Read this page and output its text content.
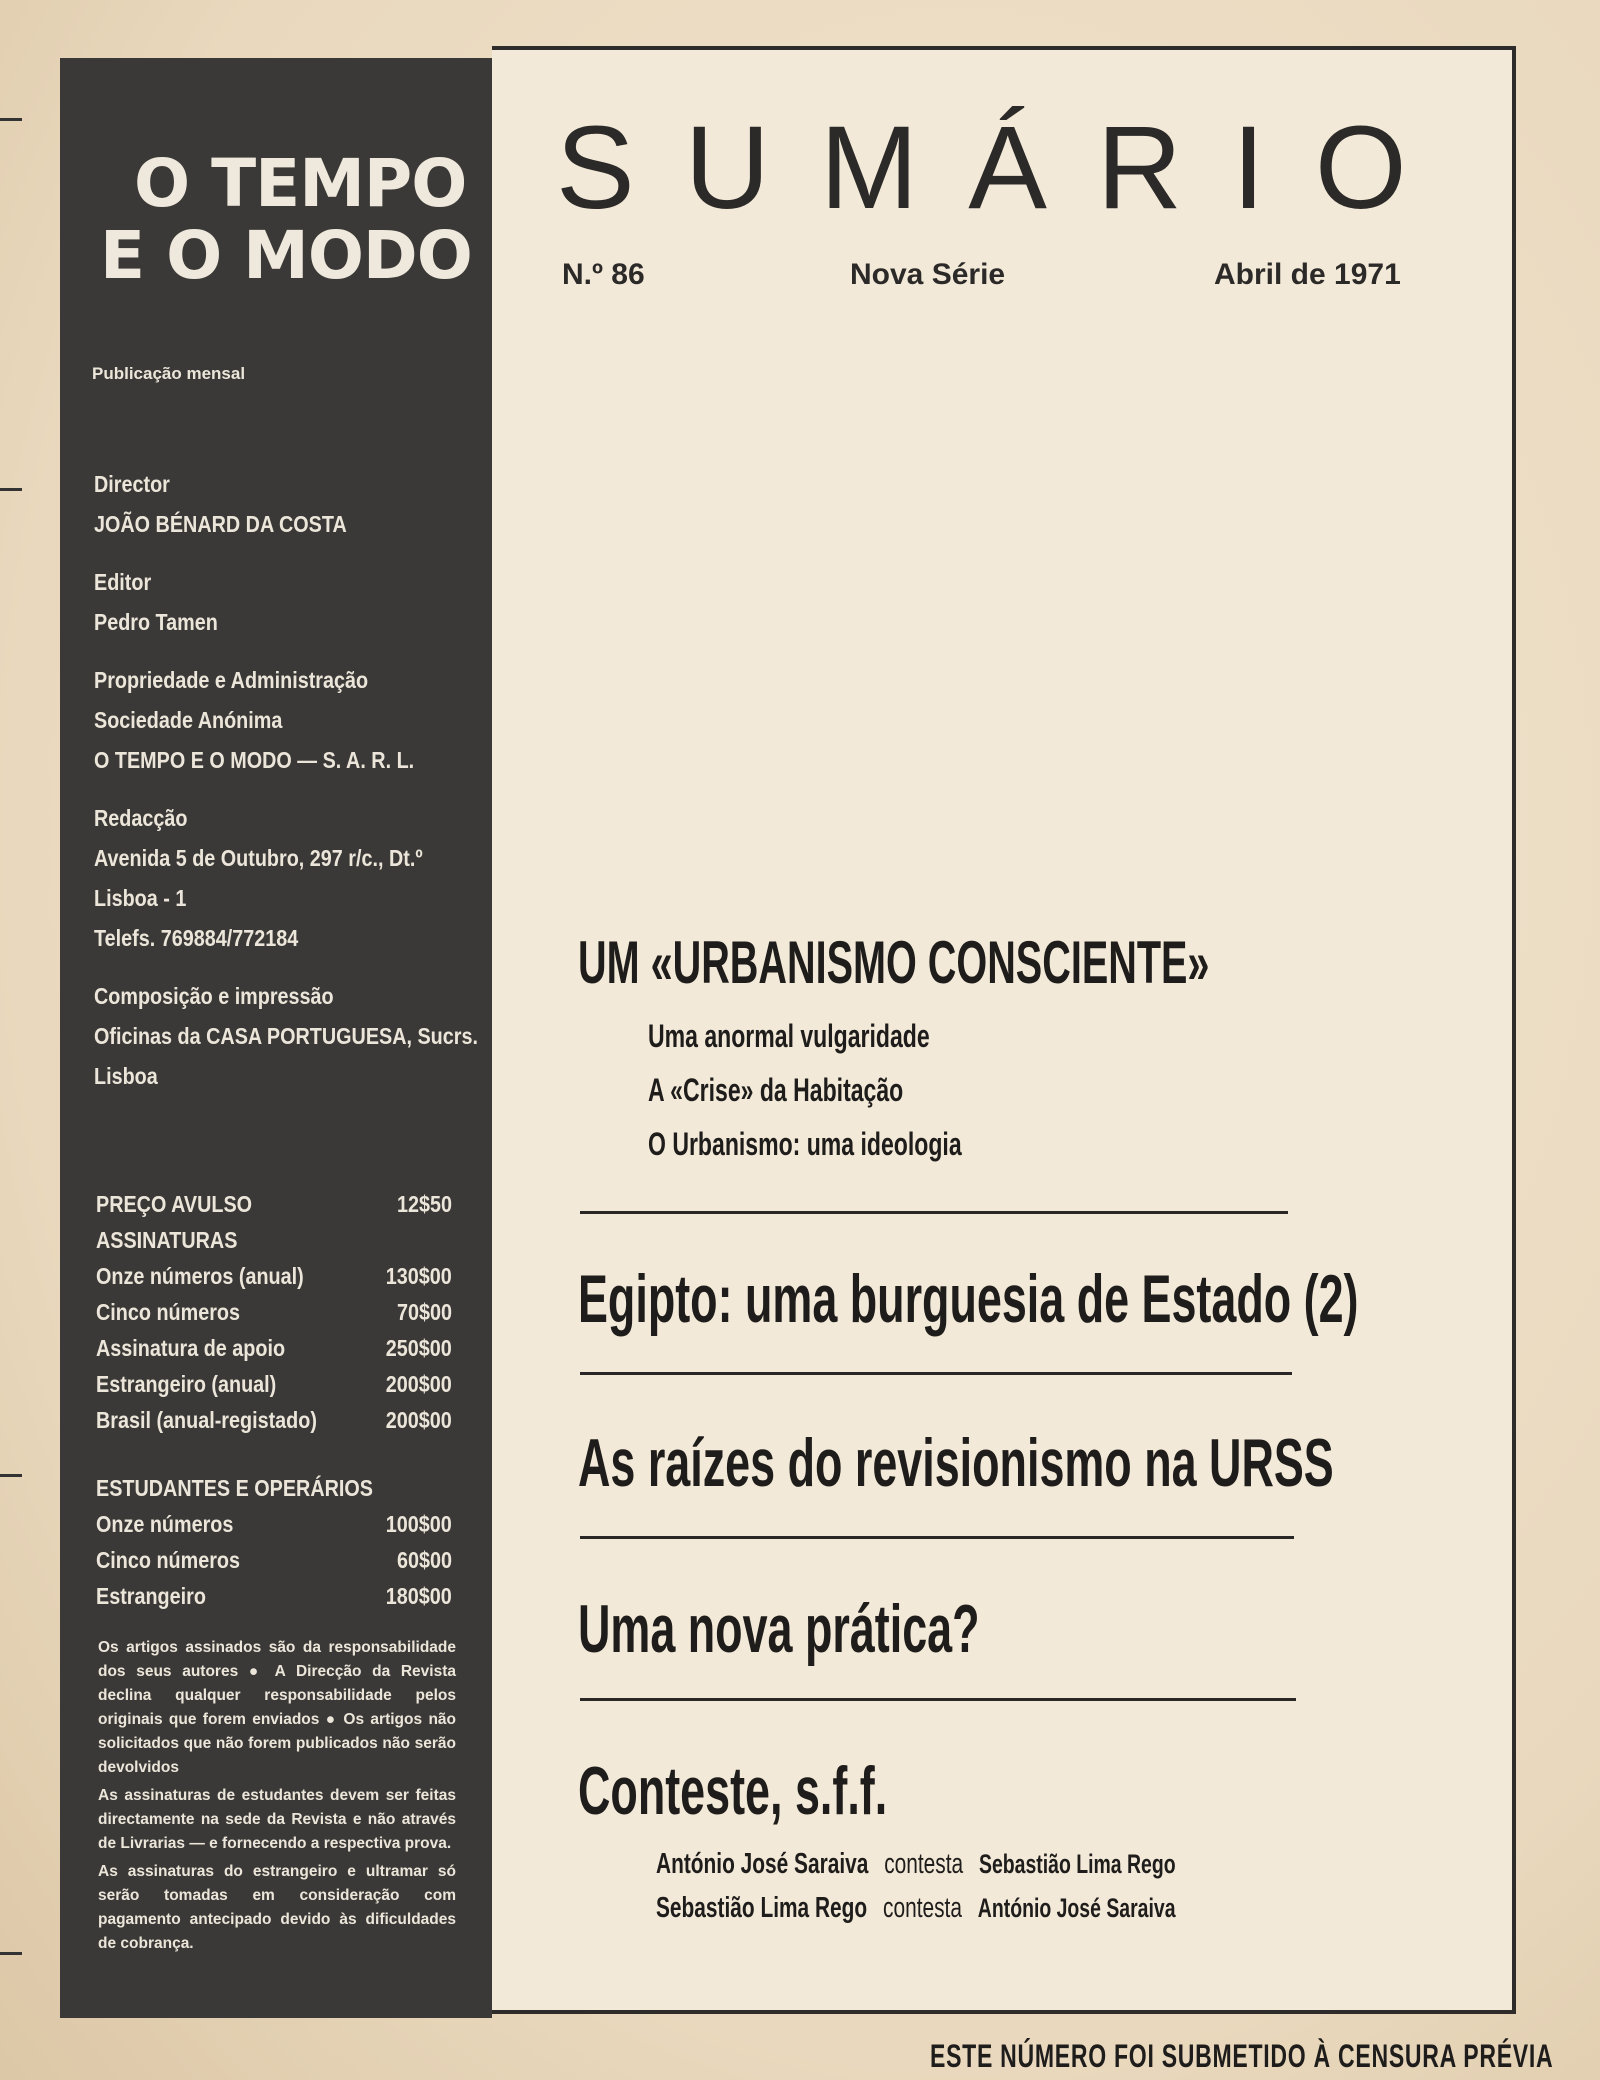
O TEMPO
E O MODO
Publicação mensal
Director
JOÃO BÉNARD DA COSTA
Editor
Pedro Tamen
Propriedade e Administração
Sociedade Anónima
O TEMPO E O MODO — S. A. R. L.
Redacção
Avenida 5 de Outubro, 297 r/c., Dt.º
Lisboa - 1
Telefs. 769884/772184
Composição e impressão
Oficinas da CASA PORTUGUESA, Sucrs.
Lisboa
PREÇO AVULSO	12$50
ASSINATURAS
Onze números (anual)	130$00
Cinco números	70$00
Assinatura de apoio	250$00
Estrangeiro (anual)	200$00
Brasil (anual-registado)	200$00
ESTUDANTES E OPERÁRIOS
Onze números	100$00
Cinco números	60$00
Estrangeiro	180$00

Os artigos assinados são da responsabilidade dos seus autores ● A Direcção da Revista declina qualquer responsabilidade pelos originais que forem enviados ● Os artigos não solicitados que não forem publicados não serão devolvidos

As assinaturas de estudantes devem ser feitas directamente na sede da Revista e não através de Livrarias — e fornecendo a respectiva prova.

As assinaturas do estrangeiro e ultramar só serão tomadas em consideração com pagamento antecipado devido às dificuldades de cobrança.

SUMÁRIO
N.º 86	Nova Série	Abril de 1971
UM «URBANISMO CONSCIENTE»
Uma anormal vulgaridade
A «Crise» da Habitação
O Urbanismo: uma ideologia
Egipto: uma burguesia de Estado (2)
As raízes do revisionismo na URSS
Uma nova prática?
Conteste, s.f.f.
António José Saraiva contesta Sebastião Lima Rego
Sebastião Lima Rego contesta António José Saraiva
ESTE NÚMERO FOI SUBMETIDO À CENSURA PRÉVIA
